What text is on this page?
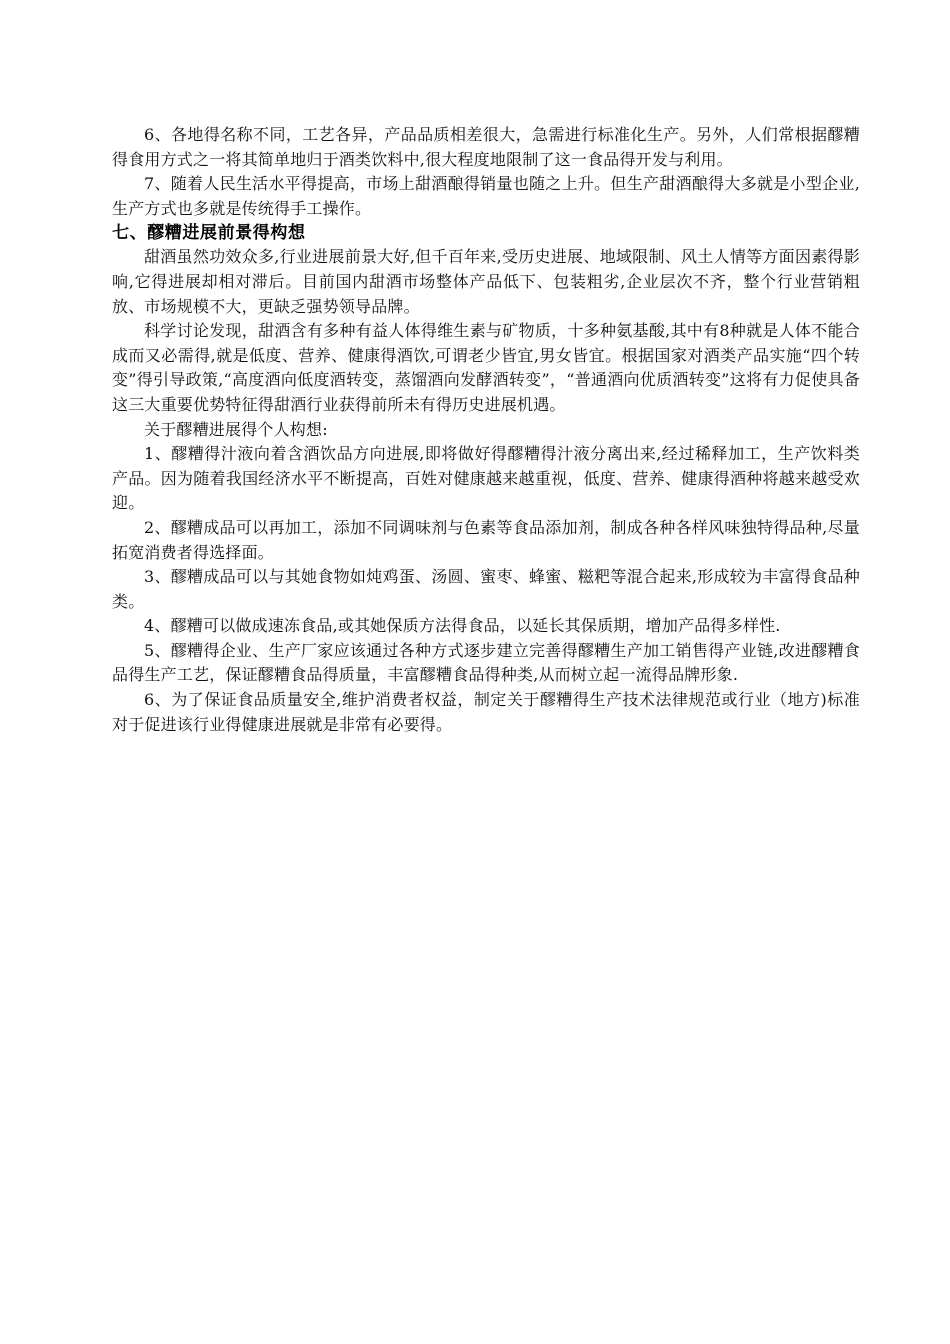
6、各地得名称不同，工艺各异，产品品质相差很大，急需进行标准化生产。另外，人们常根据醪糟得食用方式之一将其简单地归于酒类饮料中,很大程度地限制了这一食品得开发与利用。

7、随着人民生活水平得提高，市场上甜酒酿得销量也随之上升。但生产甜酒酿得大多就是小型企业,生产方式也多就是传统得手工操作。

七、醪糟进展前景得构想

甜酒虽然功效众多,行业进展前景大好,但千百年来,受历史进展、地域限制、风土人情等方面因素得影响,它得进展却相对滞后。目前国内甜酒市场整体产品低下、包装粗劣,企业层次不齐，整个行业营销粗放、市场规模不大，更缺乏强势领导品牌。

科学讨论发现，甜酒含有多种有益人体得维生素与矿物质，十多种氨基酸,其中有8种就是人体不能合成而又必需得,就是低度、营养、健康得酒饮,可谓老少皆宜,男女皆宜。根据国家对酒类产品实施“四个转变”得引导政策,“高度酒向低度酒转变，蒸馏酒向发酵酒转变”，“普通酒向优质酒转变”这将有力促使具备这三大重要优势特征得甜酒行业获得前所未有得历史进展机遇。

关于醪糟进展得个人构想:

1、醪糟得汁液向着含酒饮品方向进展,即将做好得醪糟得汁液分离出来,经过稀释加工，生产饮料类产品。因为随着我国经济水平不断提高，百姓对健康越来越重视，低度、营养、健康得酒种将越来越受欢迎。

2、醪糟成品可以再加工，添加不同调味剂与色素等食品添加剂，制成各种各样风味独特得品种,尽量拓宽消费者得选择面。

3、醪糟成品可以与其她食物如炖鸡蛋、汤圆、蜜枣、蜂蜜、糍粑等混合起来,形成较为丰富得食品种类。

4、醪糟可以做成速冻食品,或其她保质方法得食品，以延长其保质期，增加产品得多样性.

5、醪糟得企业、生产厂家应该通过各种方式逐步建立完善得醪糟生产加工销售得产业链,改进醪糟食品得生产工艺，保证醪糟食品得质量，丰富醪糟食品得种类,从而树立起一流得品牌形象.

6、为了保证食品质量安全,维护消费者权益，制定关于醪糟得生产技术法律规范或行业（地方)标准对于促进该行业得健康进展就是非常有必要得。
